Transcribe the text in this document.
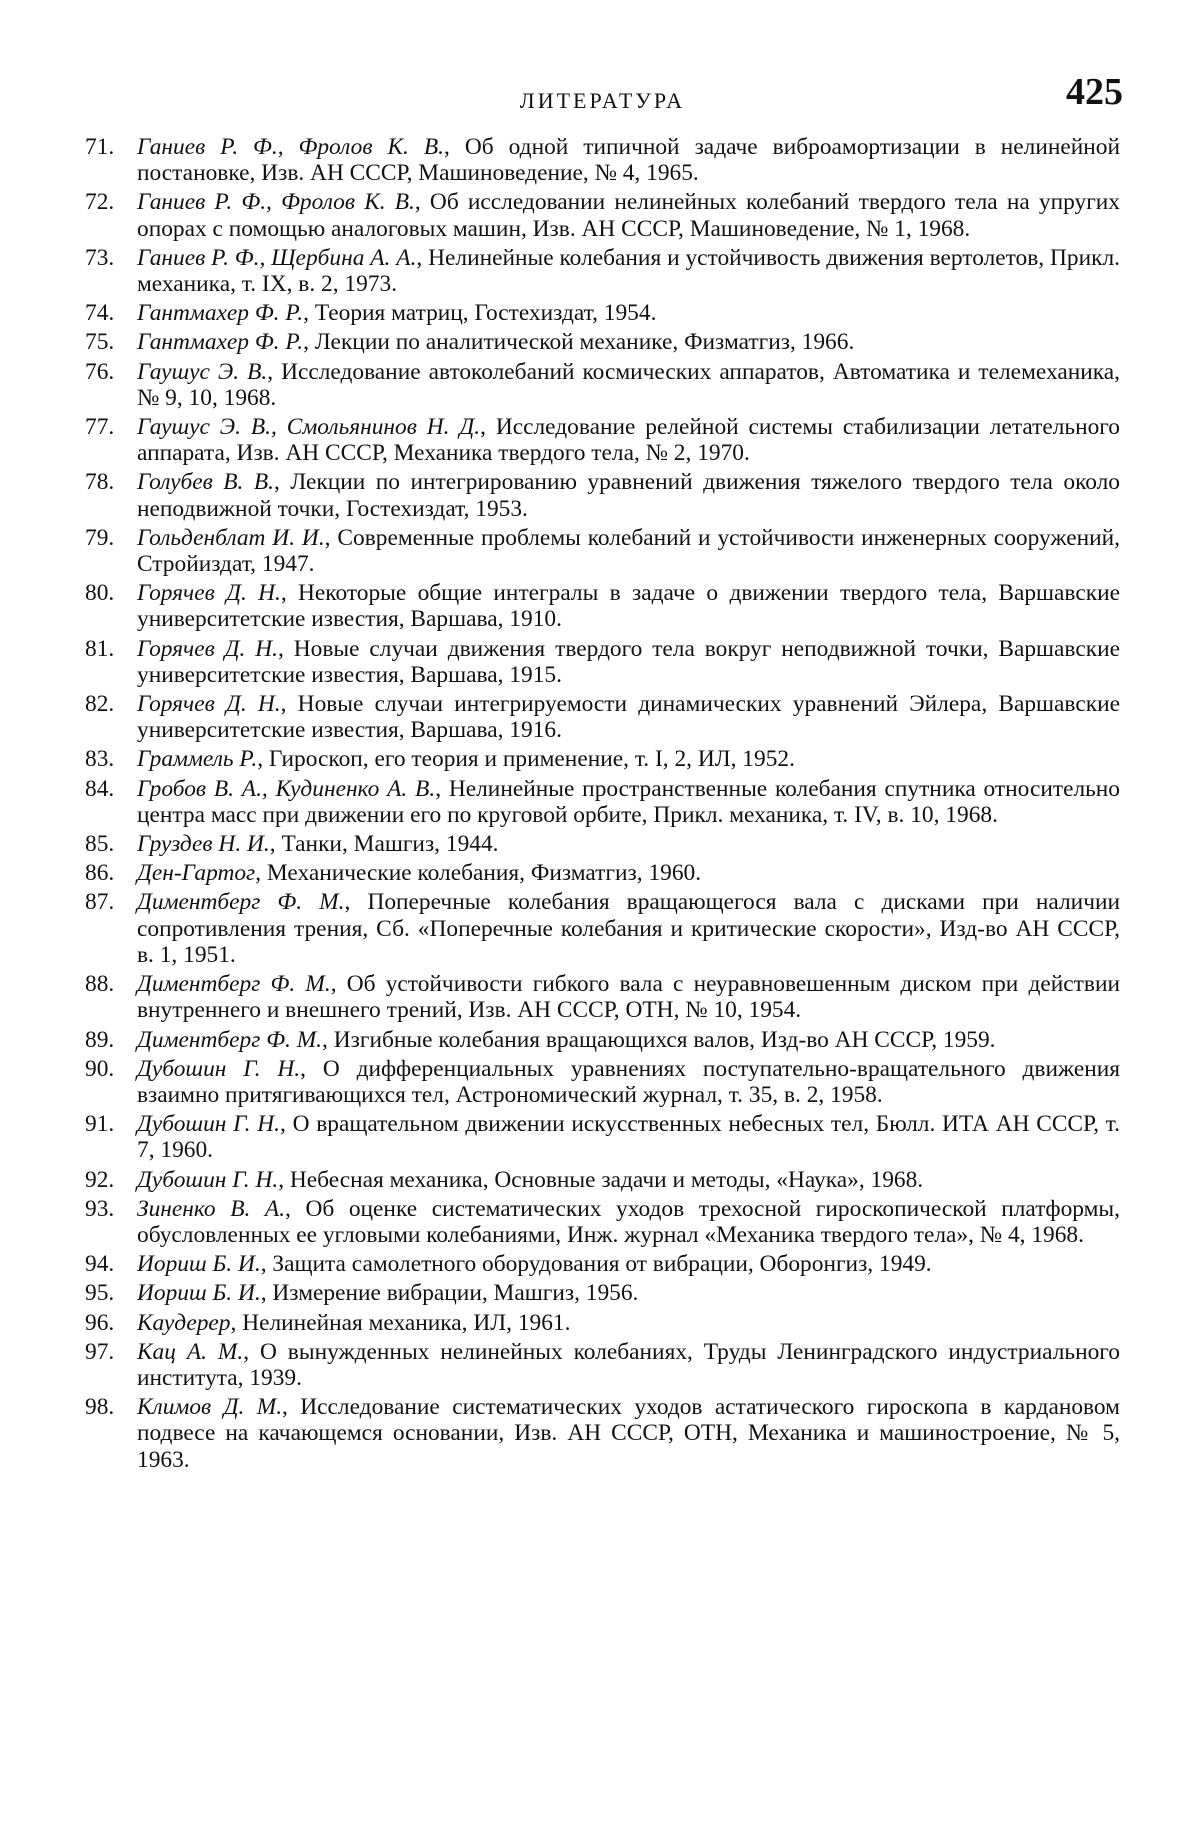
ЛИТЕРАТУРА	425
71. Ганиев Р. Ф., Фролов К. В., Об одной типичной задаче виброамортизации в нелинейной постановке, Изв. АН СССР, Машиноведение, № 4, 1965.
72. Ганиев Р. Ф., Фролов К. В., Об исследовании нелинейных колебаний твердого тела на упругих опорах с помощью аналоговых машин, Изв. АН СССР, Машиноведение, № 1, 1968.
73. Ганиев Р. Ф., Щербина А. А., Нелинейные колебания и устойчивость движения вертолетов, Прикл. механика, т. IX, в. 2, 1973.
74. Гантмахер Ф. Р., Теория матриц, Гостехиздат, 1954.
75. Гантмахер Ф. Р., Лекции по аналитической механике, Физматгиз, 1966.
76. Гаушус Э. В., Исследование автоколебаний космических аппаратов, Автоматика и телемеханика, № 9, 10, 1968.
77. Гаушус Э. В., Смольянинов Н. Д., Исследование релейной системы стабилизации летательного аппарата, Изв. АН СССР, Механика твердого тела, № 2, 1970.
78. Голубев В. В., Лекции по интегрированию уравнений движения тяжелого твердого тела около неподвижной точки, Гостехиздат, 1953.
79. Гольденблат И. И., Современные проблемы колебаний и устойчивости инженерных сооружений, Стройиздат, 1947.
80. Горячев Д. Н., Некоторые общие интегралы в задаче о движении твердого тела, Варшавские университетские известия, Варшава, 1910.
81. Горячев Д. Н., Новые случаи движения твердого тела вокруг неподвижной точки, Варшавские университетские известия, Варшава, 1915.
82. Горячев Д. Н., Новые случаи интегрируемости динамических уравнений Эйлера, Варшавские университетские известия, Варшава, 1916.
83. Граммель Р., Гироскоп, его теория и применение, т. I, 2, ИЛ, 1952.
84. Гробов В. А., Кудиненко А. В., Нелинейные пространственные колебания спутника относительно центра масс при движении его по круговой орбите, Прикл. механика, т. IV, в. 10, 1968.
85. Груздев Н. И., Танки, Машгиз, 1944.
86. Ден-Гартог, Механические колебания, Физматгиз, 1960.
87. Диментберг Ф. М., Поперечные колебания вращающегося вала с дисками при наличии сопротивления трения, Сб. «Поперечные колебания и критические скорости», Изд-во АН СССР, в. 1, 1951.
88. Диментберг Ф. М., Об устойчивости гибкого вала с неуравновешенным диском при действии внутреннего и внешнего трений, Изв. АН СССР, ОТН, № 10, 1954.
89. Диментберг Ф. М., Изгибные колебания вращающихся валов, Изд-во АН СССР, 1959.
90. Дубошин Г. Н., О дифференциальных уравнениях поступательно-вращательного движения взаимно притягивающихся тел, Астрономический журнал, т. 35, в. 2, 1958.
91. Дубошин Г. Н., О вращательном движении искусственных небесных тел, Бюлл. ИТА АН СССР, т. 7, 1960.
92. Дубошин Г. Н., Небесная механика, Основные задачи и методы, «Наука», 1968.
93. Зиненко В. А., Об оценке систематических уходов трехосной гироскопической платформы, обусловленных ее угловыми колебаниями, Инж. журнал «Механика твердого тела», № 4, 1968.
94. Иориш Б. И., Защита самолетного оборудования от вибрации, Оборонгиз, 1949.
95. Иориш Б. И., Измерение вибрации, Машгиз, 1956.
96. Каудерер, Нелинейная механика, ИЛ, 1961.
97. Кац А. М., О вынужденных нелинейных колебаниях, Труды Ленинградского индустриального института, 1939.
98. Климов Д. М., Исследование систематических уходов астатического гироскопа в кардановом подвесе на качающемся основании, Изв. АН СССР, ОТН, Механика и машиностроение, № 5, 1963.
